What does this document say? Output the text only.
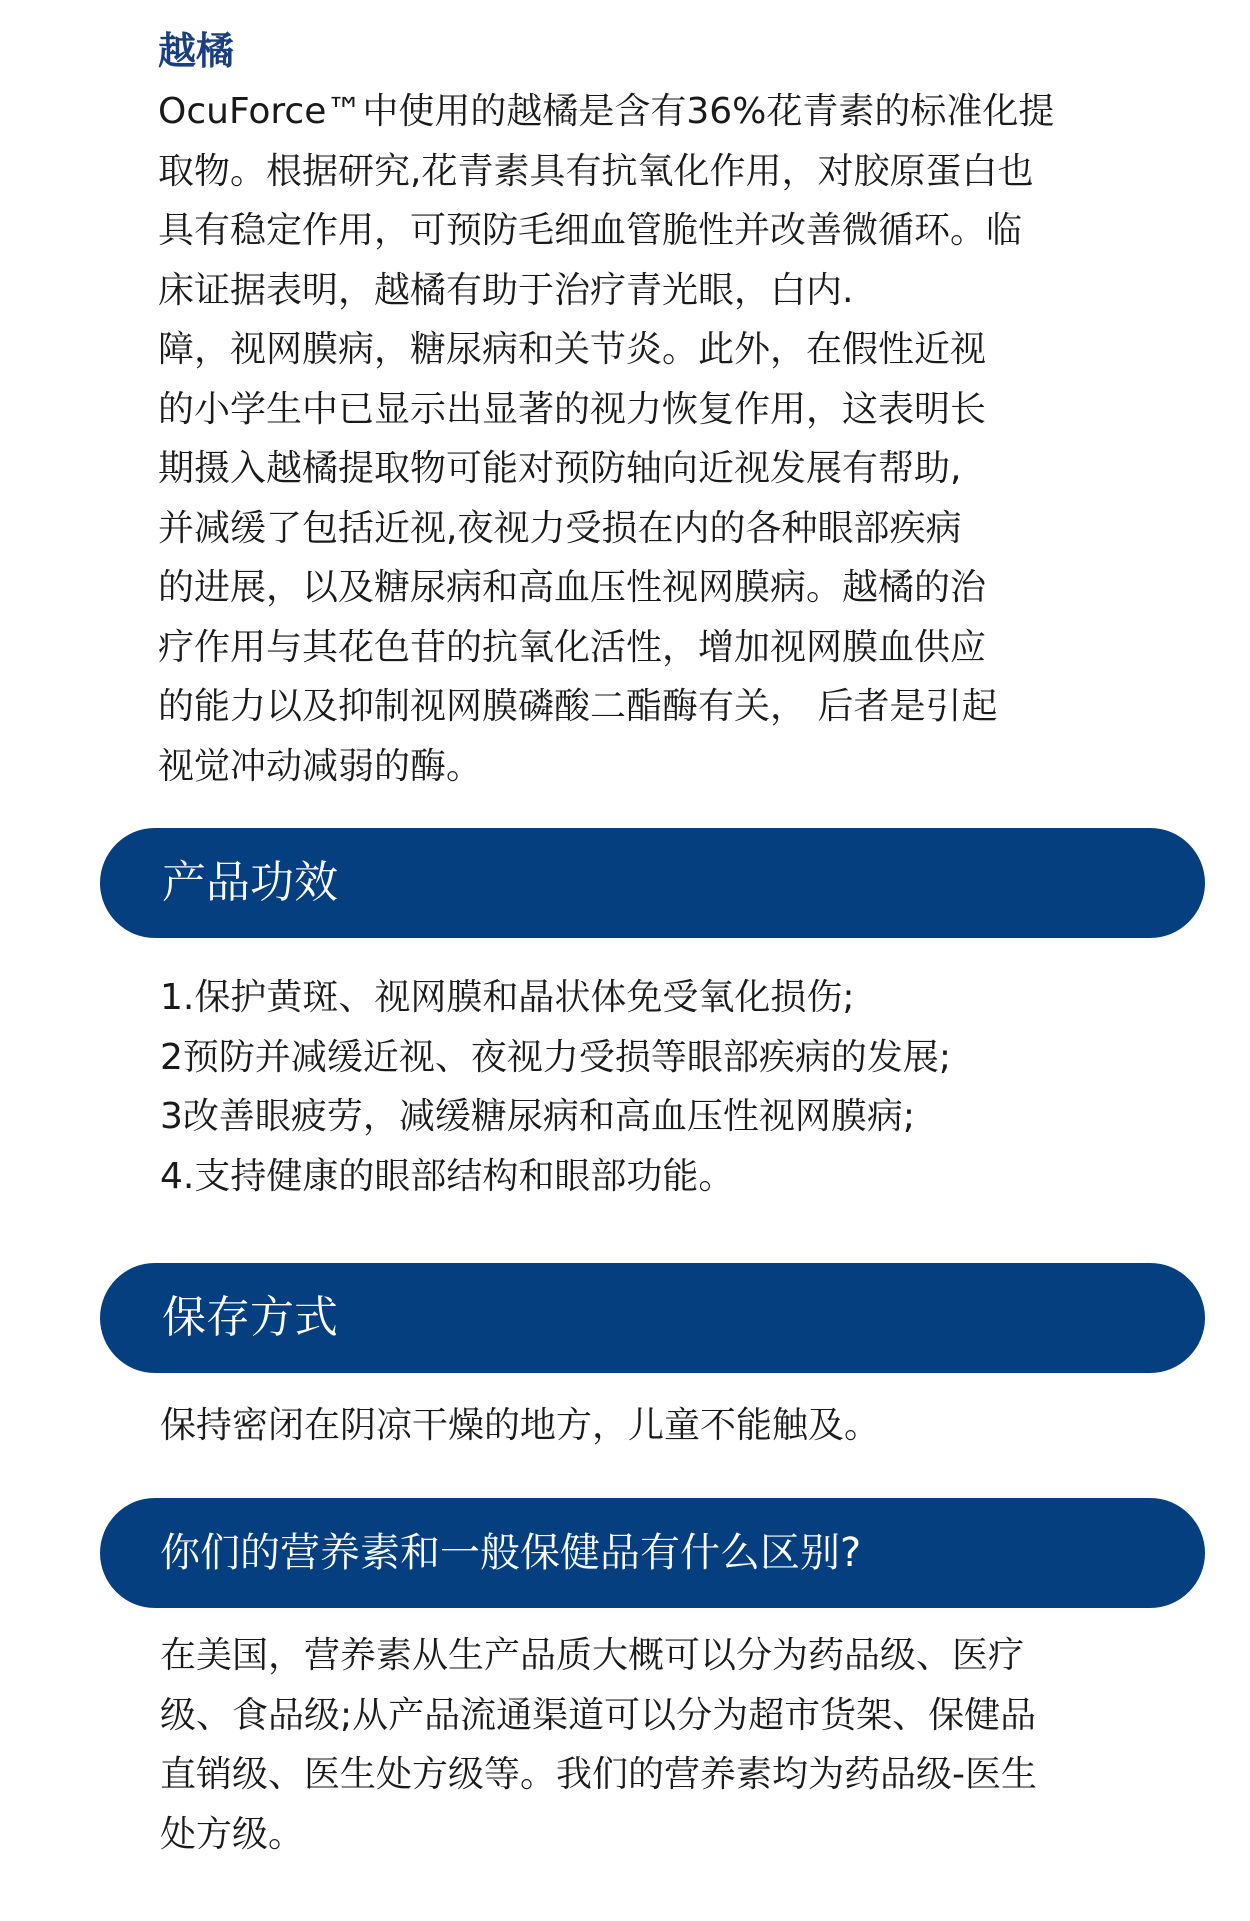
越橘
OcuForce™中使用的越橘是含有36%花青素的标准化提
取物。根据研究,花青素具有抗氧化作用，对胶原蛋白也
具有稳定作用，可预防毛细血管脆性并改善微循环。临
床证据表明，越橘有助于治疗青光眼，白内.
障，视网膜病，糖尿病和关节炎。此外，在假性近视
的小学生中已显示出显著的视力恢复作用，这表明长
期摄入越橘提取物可能对预防轴向近视发展有帮助,
并减缓了包括近视,夜视力受损在内的各种眼部疾病
的进展，以及糖尿病和高血压性视网膜病。越橘的治
疗作用与其花色苷的抗氧化活性，增加视网膜血供应
的能力以及抑制视网膜磷酸二酯酶有关， 后者是引起
视觉冲动减弱的酶。
产品功效
1.保护黄斑、视网膜和晶状体免受氧化损伤;
2预防并减缓近视、夜视力受损等眼部疾病的发展;
3改善眼疲劳，减缓糖尿病和高血压性视网膜病;
4.支持健康的眼部结构和眼部功能。
保存方式
保持密闭在阴凉干燥的地方，儿童不能触及。
你们的营养素和一般保健品有什么区别?
在美国，营养素从生产品质大概可以分为药品级、医疗
级、食品级;从产品流通渠道可以分为超市货架、保健品
直销级、医生处方级等。我们的营养素均为药品级-医生
处方级。
